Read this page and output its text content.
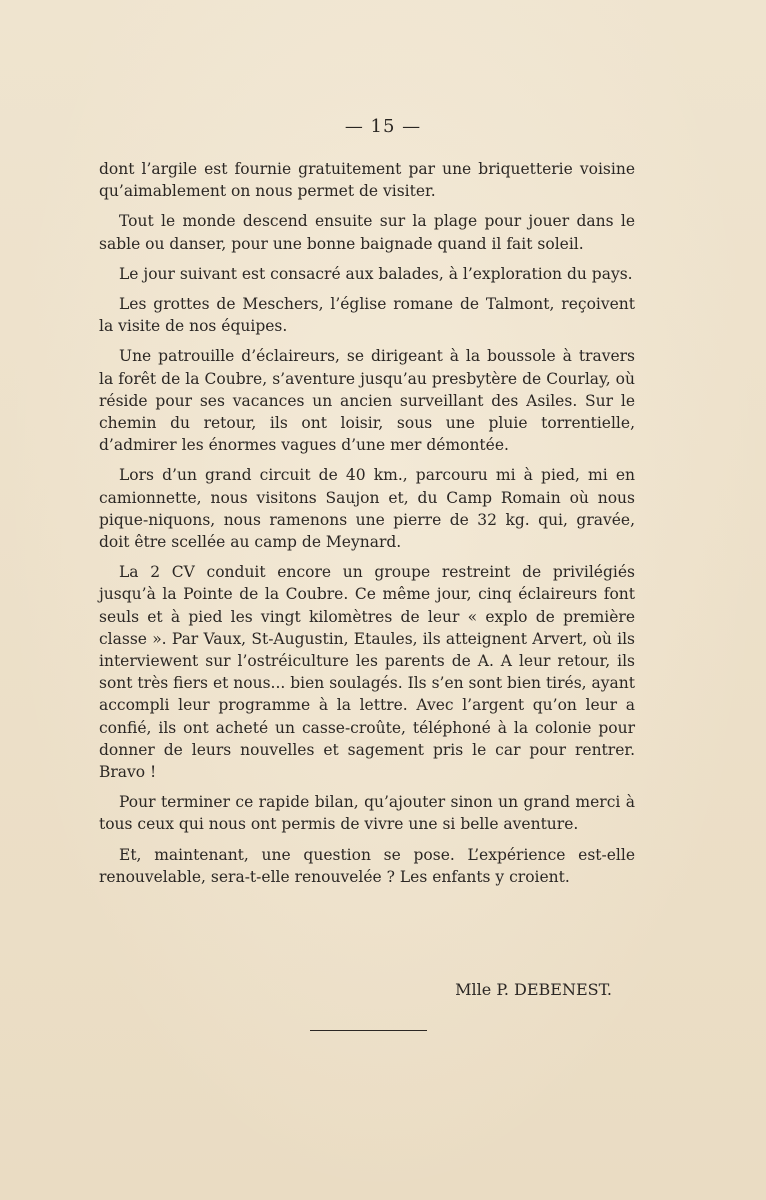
— 15 —

dont l’argile est fournie gratuitement par une briquetterie voisine qu’aimablement on nous permet de visiter.

Tout le monde descend ensuite sur la plage pour jouer dans le sable ou danser, pour une bonne baignade quand il fait soleil.

Le jour suivant est consacré aux balades, à l’exploration du pays.

Les grottes de Meschers, l’église romane de Talmont, reçoivent la visite de nos équipes.

Une patrouille d’éclaireurs, se dirigeant à la boussole à travers la forêt de la Coubre, s’aventure jusqu’au presbytère de Courlay, où réside pour ses vacances un ancien surveillant des Asiles. Sur le chemin du retour, ils ont loisir, sous une pluie torrentielle, d’admirer les énormes vagues d’une mer démontée.

Lors d’un grand circuit de 40 km., parcouru mi à pied, mi en camionnette, nous visitons Saujon et, du Camp Romain où nous pique-niquons, nous ramenons une pierre de 32 kg. qui, gravée, doit être scellée au camp de Meynard.

La 2 CV conduit encore un groupe restreint de privilégiés jusqu’à la Pointe de la Coubre. Ce même jour, cinq éclaireurs font seuls et à pied les vingt kilomètres de leur « explo de première classe ». Par Vaux, St-Augustin, Etaules, ils atteignent Arvert, où ils interviewent sur l’ostréiculture les parents de A. A leur retour, ils sont très fiers et nous... bien soulagés. Ils s’en sont bien tirés, ayant accompli leur programme à la lettre. Avec l’argent qu’on leur a confié, ils ont acheté un casse-croûte, téléphoné à la colonie pour donner de leurs nouvelles et sagement pris le car pour rentrer. Bravo !

Pour terminer ce rapide bilan, qu’ajouter sinon un grand merci à tous ceux qui nous ont permis de vivre une si belle aventure.

Et, maintenant, une question se pose. L’expérience est-elle renouvelable, sera-t-elle renouvelée ? Les enfants y croient.

Mlle P. DEBENEST.
